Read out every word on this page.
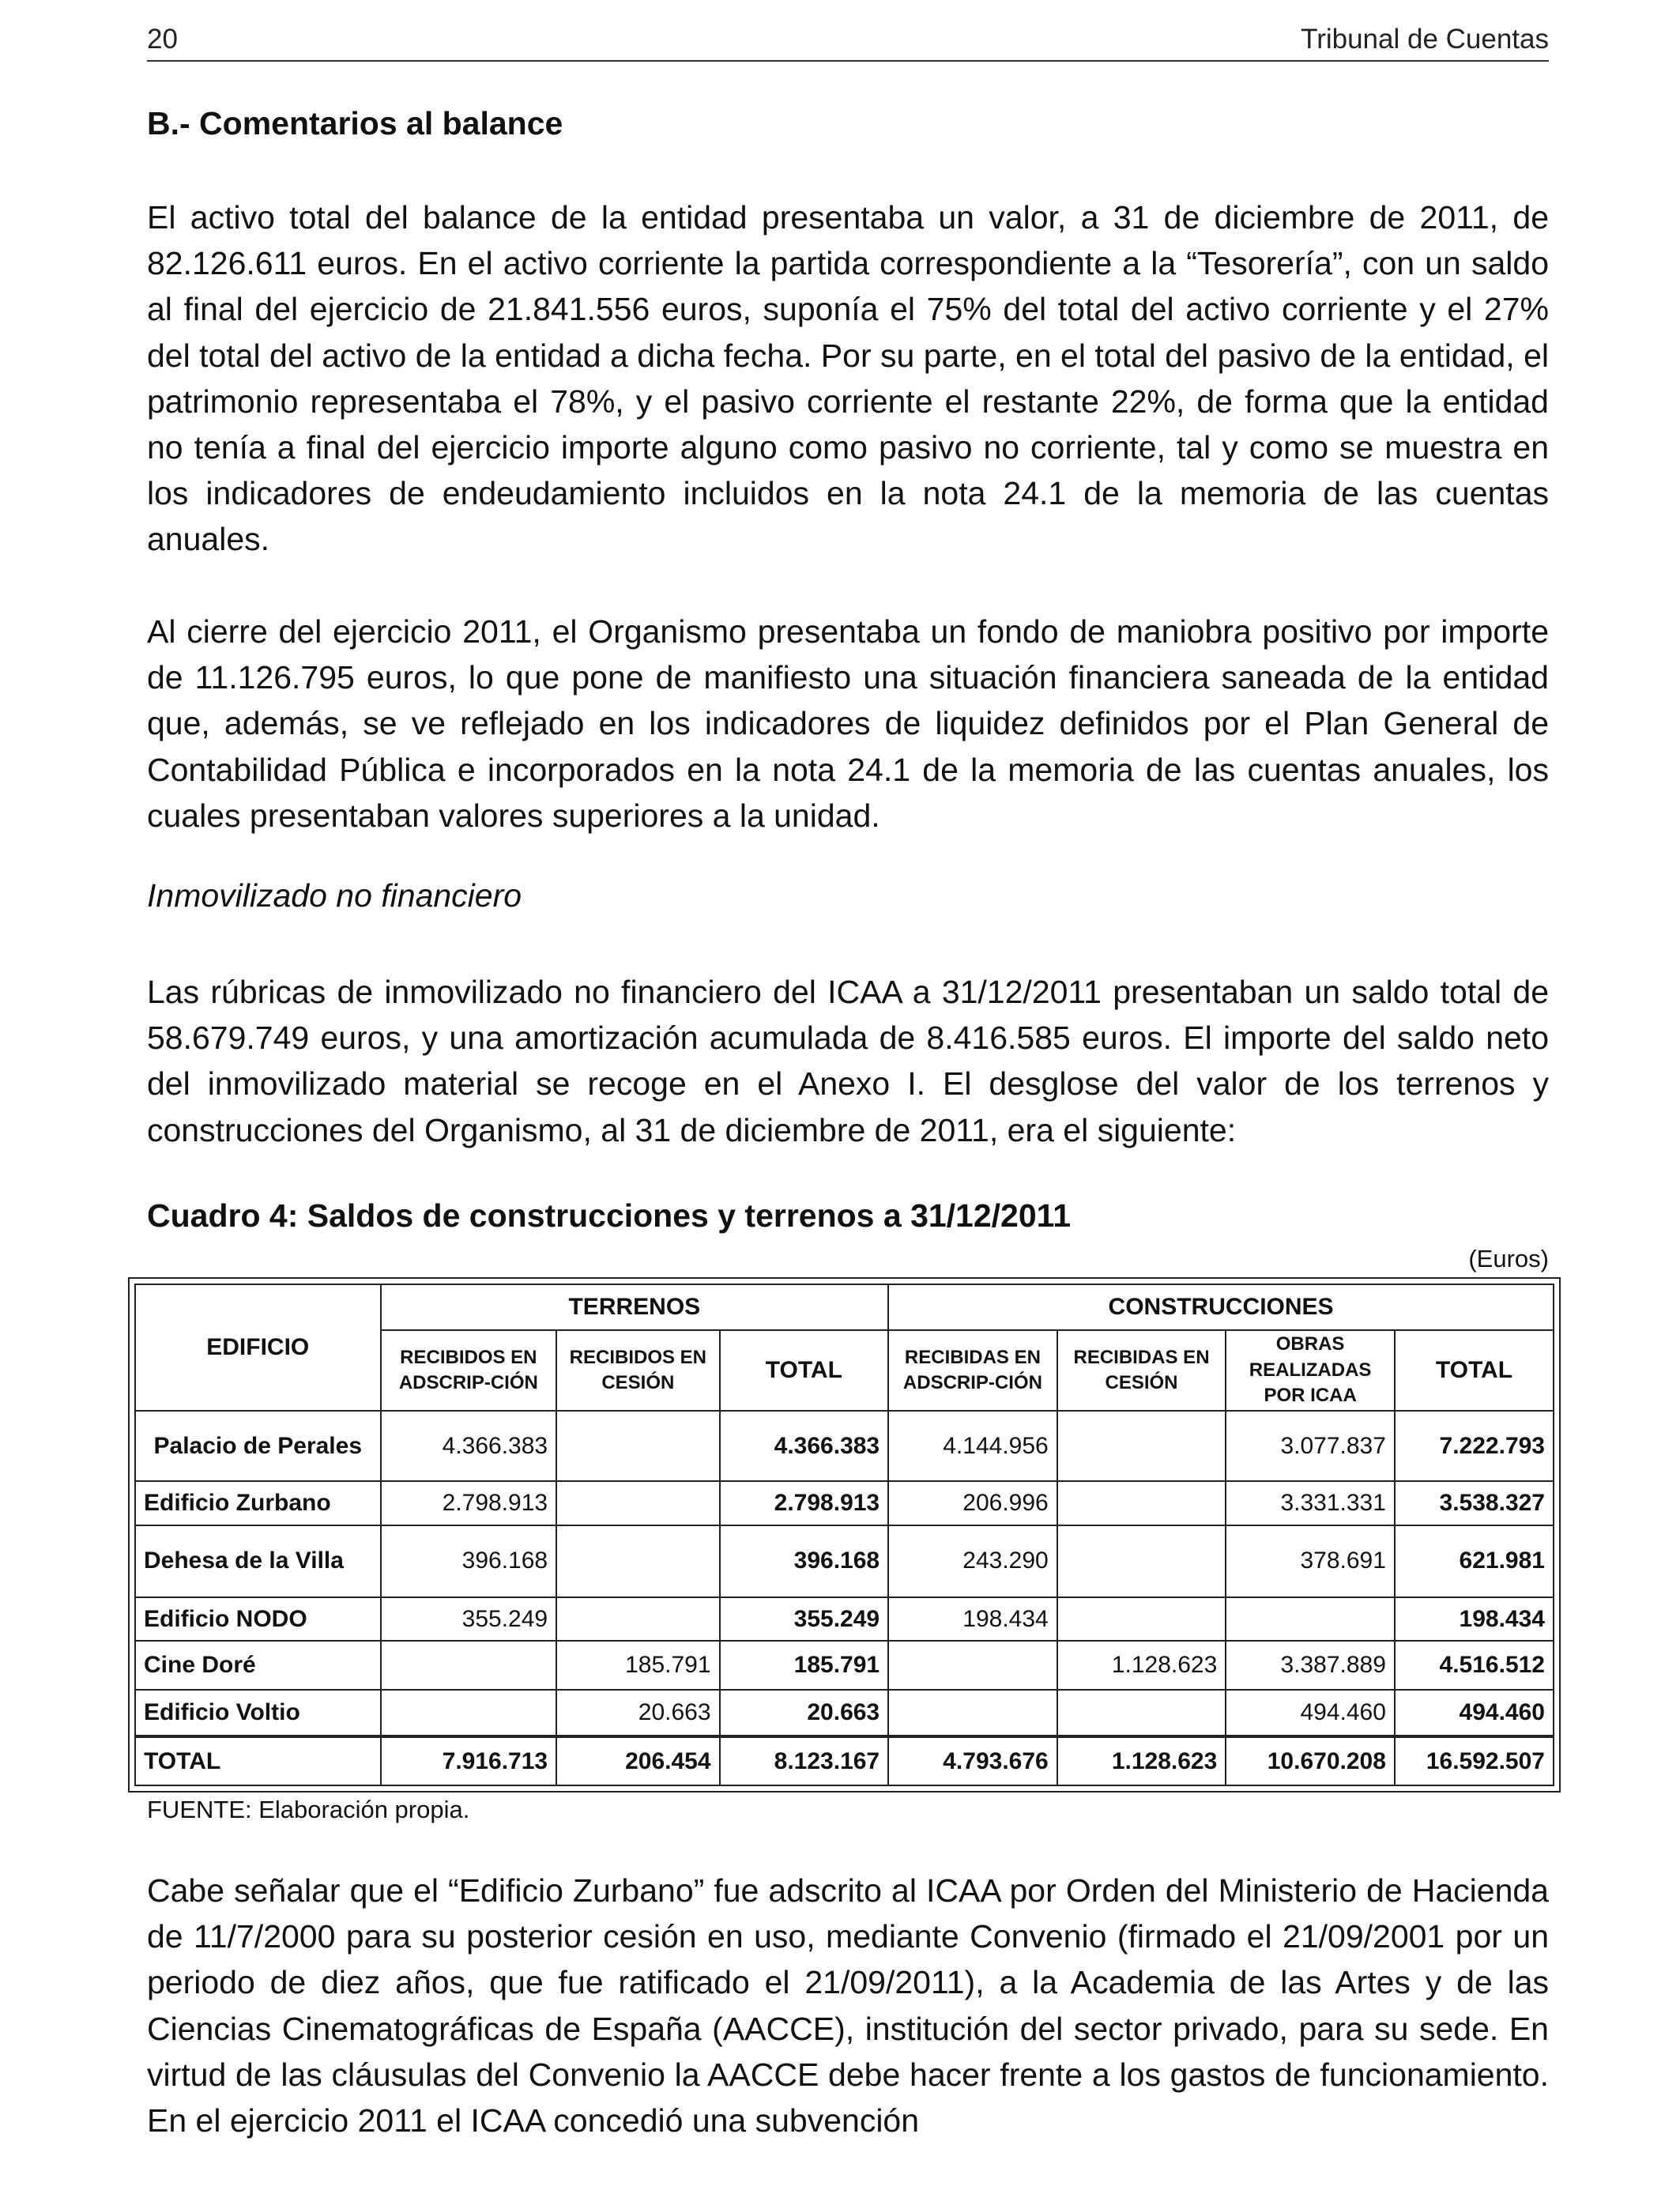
20	Tribunal de Cuentas
B.- Comentarios al balance

El activo total del balance de la entidad presentaba un valor, a 31 de diciembre de 2011, de 82.126.611 euros. En el activo corriente la partida correspondiente a la “Tesorería”, con un saldo al final del ejercicio de 21.841.556 euros, suponía el 75% del total del activo corriente y el 27% del total del activo de la entidad a dicha fecha. Por su parte, en el total del pasivo de la entidad, el patrimonio representaba el 78%, y el pasivo corriente el restante 22%, de forma que la entidad no tenía a final del ejercicio importe alguno como pasivo no corriente, tal y como se muestra en los indicadores de endeudamiento incluidos en la nota 24.1 de la memoria de las cuentas anuales.

Al cierre del ejercicio 2011, el Organismo presentaba un fondo de maniobra positivo por importe de 11.126.795 euros, lo que pone de manifiesto una situación financiera saneada de la entidad que, además, se ve reflejado en los indicadores de liquidez definidos por el Plan General de Contabilidad Pública e incorporados en la nota 24.1 de la memoria de las cuentas anuales, los cuales presentaban valores superiores a la unidad.

Inmovilizado no financiero

Las rúbricas de inmovilizado no financiero del ICAA a 31/12/2011 presentaban un saldo total de 58.679.749 euros, y una amortización acumulada de 8.416.585 euros. El importe del saldo neto del inmovilizado material se recoge en el Anexo I. El desglose del valor de los terrenos y construcciones del Organismo, al 31 de diciembre de 2011, era el siguiente:

Cuadro 4: Saldos de construcciones y terrenos a 31/12/2011
(Euros)
EDIFICIO	TERRENOS			CONSTRUCCIONES			
	RECIBIDOS EN ADSCRIP-CIÓN	RECIBIDOS EN CESIÓN	TOTAL	RECIBIDAS EN ADSCRIP-CIÓN	RECIBIDAS EN CESIÓN	OBRAS REALIZADAS POR ICAA	TOTAL
Palacio de Perales	4.366.383		4.366.383	4.144.956		3.077.837	7.222.793
Edificio Zurbano	2.798.913		2.798.913	206.996		3.331.331	3.538.327
Dehesa de la Villa	396.168		396.168	243.290		378.691	621.981
Edificio NODO	355.249		355.249	198.434			198.434
Cine Doré		185.791	185.791		1.128.623	3.387.889	4.516.512
Edificio Voltio		20.663	20.663			494.460	494.460
TOTAL	7.916.713	206.454	8.123.167	4.793.676	1.128.623	10.670.208	16.592.507
FUENTE: Elaboración propia.

Cabe señalar que el “Edificio Zurbano” fue adscrito al ICAA por Orden del Ministerio de Hacienda de 11/7/2000 para su posterior cesión en uso, mediante Convenio (firmado el 21/09/2001 por un periodo de diez años, que fue ratificado el 21/09/2011), a la Academia de las Artes y de las Ciencias Cinematográficas de España (AACCE), institución del sector privado, para su sede. En virtud de las cláusulas del Convenio la AACCE debe hacer frente a los gastos de funcionamiento. En el ejercicio 2011 el ICAA concedió una subvención
